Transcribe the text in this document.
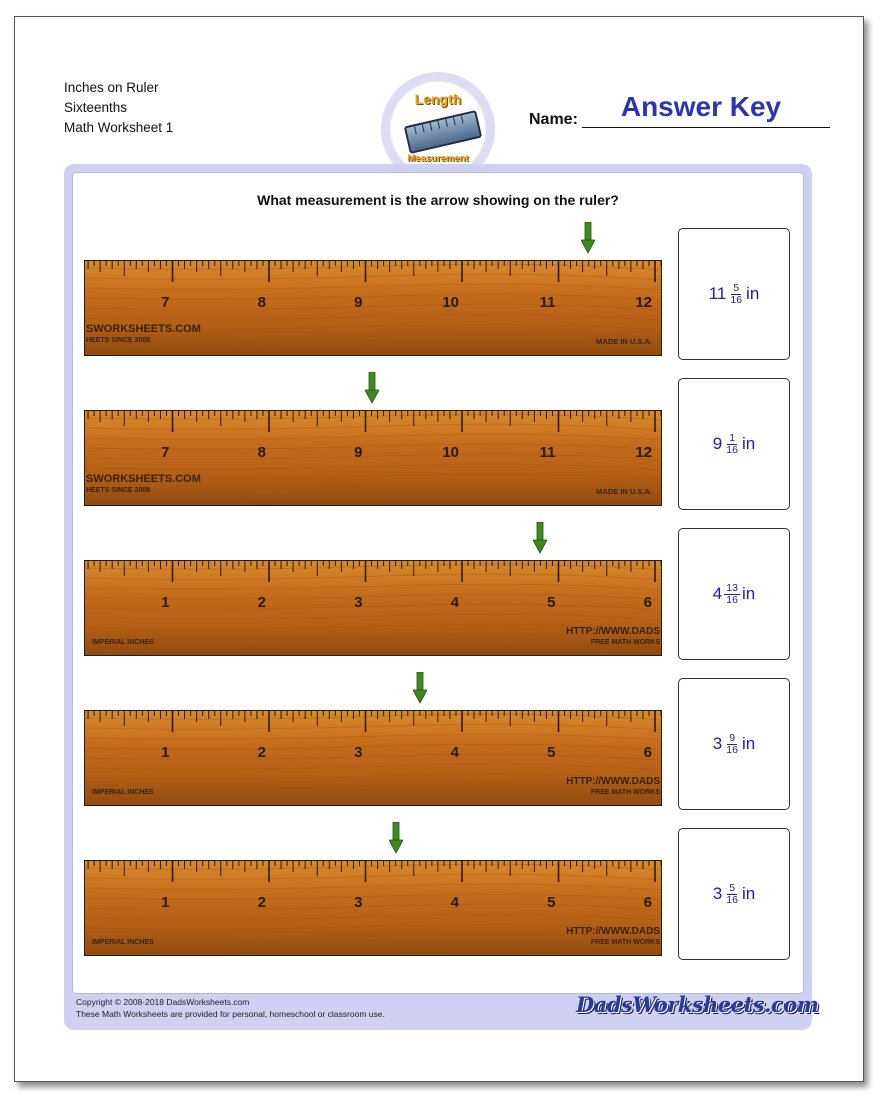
Inches on Ruler
Sixteenths
Math Worksheet 1
Length
Measurement
Name:	Answer Key
What measurement is the arrow showing on the ruler?
7	8	9	10	11	12
SWORKSHEETS.COM
HEETS SINCE 2008	MADE IN U.S.A.
$11 \frac{5}{16}$ in
7	8	9	10	11	12
SWORKSHEETS.COM
HEETS SINCE 2008	MADE IN U.S.A.
$9 \frac{1}{16}$ in
1	2	3	4	5	6
IMPERIAL INCHES
HTTP://WWW.DADS
FREE MATH WORKS
$4 \frac{13}{16}$ in
1	2	3	4	5	6
IMPERIAL INCHES
HTTP://WWW.DADS
FREE MATH WORKS
$3 \frac{9}{16}$ in
1	2	3	4	5	6
IMPERIAL INCHES
HTTP://WWW.DADS
FREE MATH WORKS
$3 \frac{5}{16}$ in
Copyright © 2008-2018 DadsWorksheets.com
These Math Worksheets are provided for personal, homeschool or classroom use.	DadsWorksheets.com
